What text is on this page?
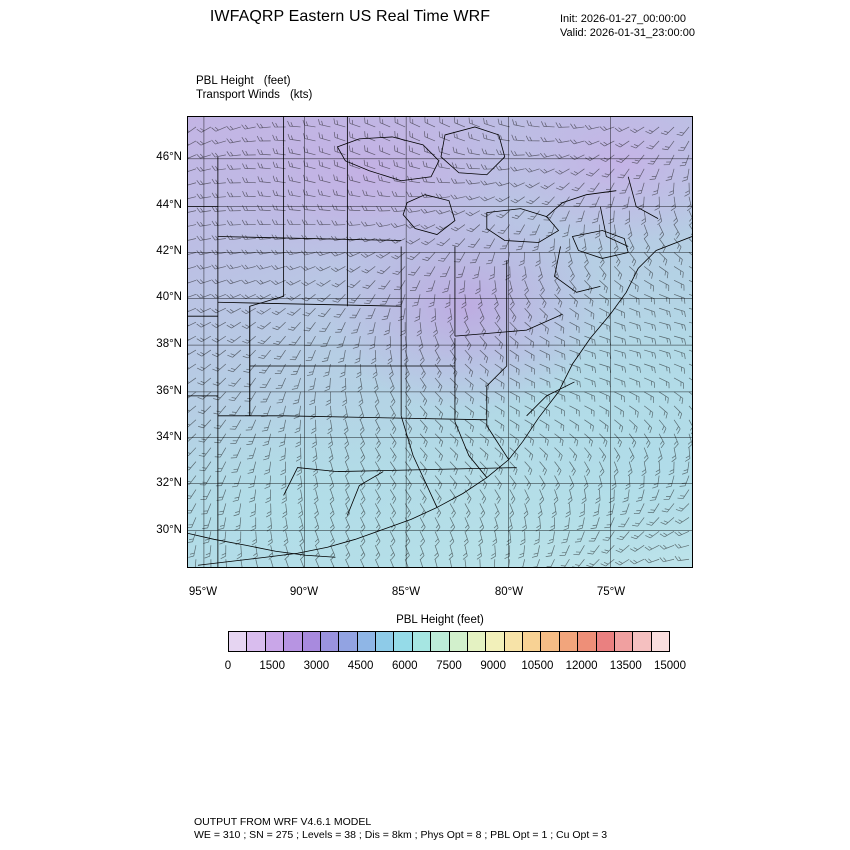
IWFAQRP Eastern US Real Time WRF	Init: 2026-01-27_00:00:00
Valid: 2026-01-31_23:00:00
PBL Height (feet)
Transport Winds (kts)
46°N
44°N
42°N
40°N
38°N
36°N
34°N
32°N
30°N
95°W	90°W	85°W	80°W	75°W
PBL Height (feet)
0	1500	3000	4500	6000	7500	9000	10500	12000	13500	15000
OUTPUT FROM WRF V4.6.1 MODEL
WE = 310 ; SN = 275 ; Levels = 38 ; Dis = 8km ; Phys Opt = 8 ; PBL Opt = 1 ; Cu Opt = 3
